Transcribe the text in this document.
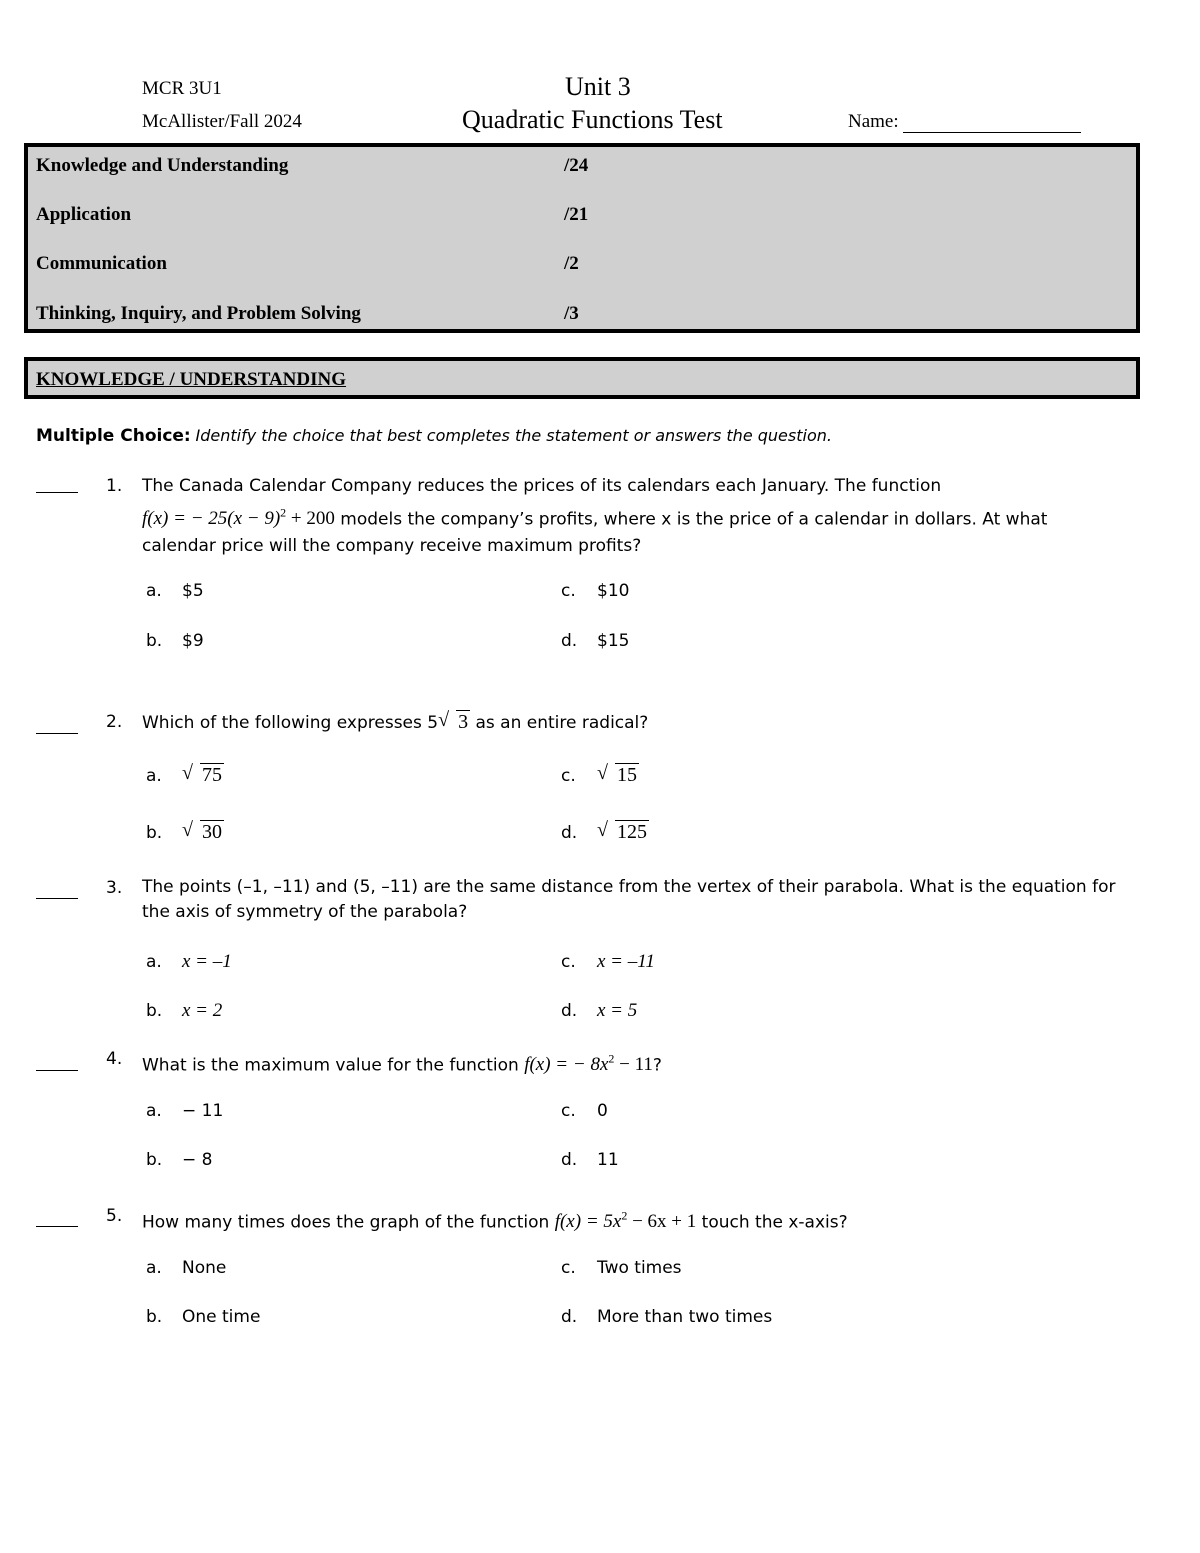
MCR 3U1
McAllister/Fall 2024
Unit 3
Quadratic Functions Test	Name:
Knowledge and Understanding	/24
Application	/21
Communication	/2
Thinking, Inquiry, and Problem Solving	/3
KNOWLEDGE / UNDERSTANDING
Multiple Choice: Identify the choice that best completes the statement or answers the question.
1.	The Canada Calendar Company reduces the prices of its calendars each January. The function
f(x) = − $25(x - 9)^2 + 200$ models the company’s profits, where x is the price of a calendar in dollars. At what
calendar price will the company receive maximum profits?
a. $5	c. $10
b. $9	d. $15
2.	Which of the following expresses 5 √ 3 as an entire radical?
a. √ 75	c. √ 15
b. √ 30	d. √ 125
3.	The points (–1, –11) and (5, –11) are the same distance from the vertex of their parabola. What is the equation for
the axis of symmetry of the parabola?
a. x = –1	c. x = –11
b. x = 2	d. x = 5
4.	What is the maximum value for the function f(x) = − $8x^2 - 11$?
a. − 11	c. 0
b. − 8	d. 11
5.	How many times does the graph of the function $f(x) = 5x^2 - 6x + 1$ touch the x-axis?
a. None	c. Two times
b. One time	d. More than two times
